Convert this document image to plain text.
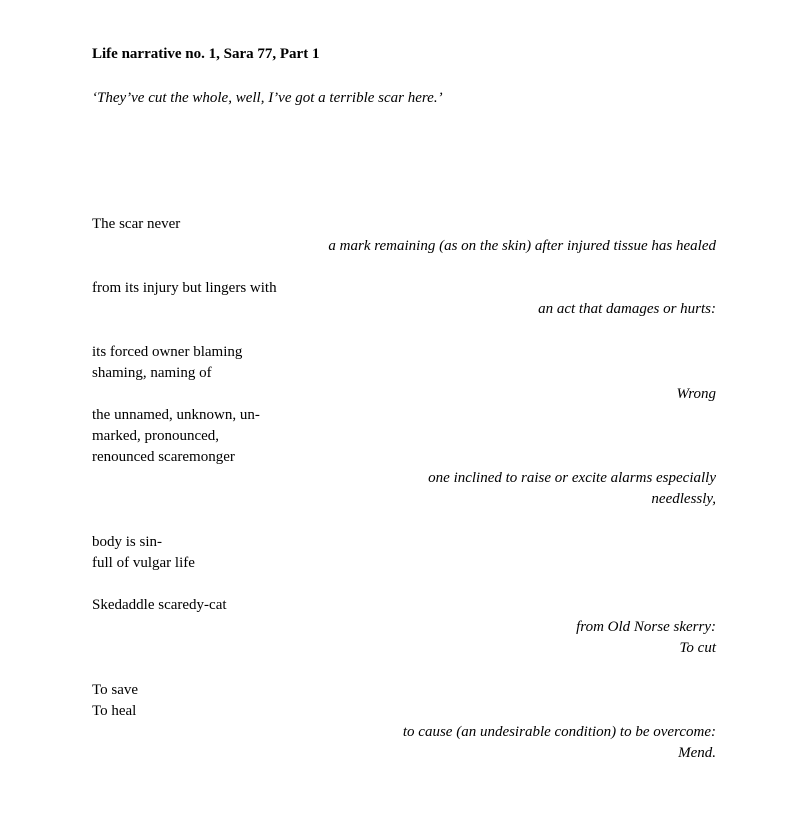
Life narrative no. 1, Sara 77, Part 1
‘They’ve cut the whole, well, I’ve got a terrible scar here.’
The scar never
from its injury but lingers with
its forced owner blaming
shaming, naming of
the unnamed, unknown, un-
marked, pronounced,
renounced scaremonger
body is sin-
full of vulgar life
Skedaddle scaredy-cat
To save
To heal
a mark remaining (as on the skin) after injured tissue has healed
an act that damages or hurts:
Wrong
one inclined to raise or excite alarms especially
needlessly,
from Old Norse skerry:
To cut
to cause (an undesirable condition) to be overcome:
Mend.
